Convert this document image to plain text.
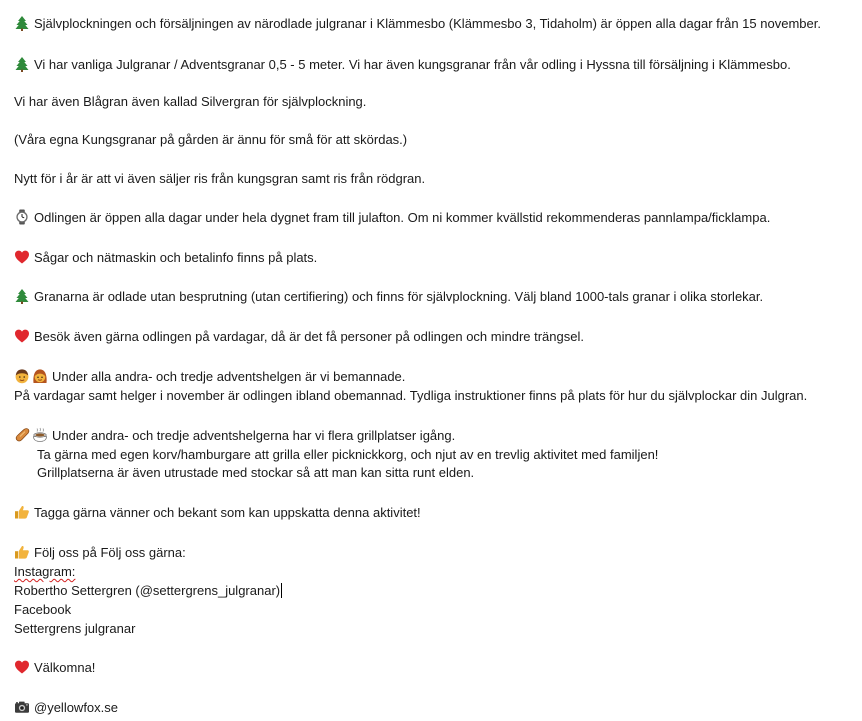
Självplockningen och försäljningen av närodlade julgranar i Klämmesbo (Klämmesbo 3, Tidaholm) är öppen alla dagar från 15 november.
Vi har vanliga Julgranar / Adventsgranar 0,5 - 5 meter. Vi har även kungsgranar från vår odling i Hyssna till försäljning i Klämmesbo.
Vi har även Blågran även kallad Silvergran för självplockning.
(Våra egna Kungsgranar på gården är ännu för små för att skördas.)
Nytt för i år är att vi även säljer ris från kungsgran samt ris från rödgran.
Odlingen är öppen alla dagar under hela dygnet fram till julafton. Om ni kommer kvällstid rekommenderas pannlampa/ficklampa.
Sågar och nätmaskin och betalinfo finns på plats.
Granarna är odlade utan besprutning (utan certifiering) och finns för självplockning. Välj bland 1000-tals granar i olika storlekar.
Besök även gärna odlingen på vardagar, då är det få personer på odlingen och mindre trängsel.
Under alla andra- och tredje adventshelgen är vi bemannade.
På vardagar samt helger i november är odlingen ibland obemannad. Tydliga instruktioner finns på plats för hur du självplockar din Julgran.
Under andra- och tredje adventshelgerna har vi flera grillplatser igång.
Ta gärna med egen korv/hamburgare att grilla eller picknickkorg, och njut av en trevlig aktivitet med familjen!
Grillplatserna är även utrustade med stockar så att man kan sitta runt elden.
Tagga gärna vänner och bekant som kan uppskatta denna aktivitet!
Följ oss på Följ oss gärna:
Instagram:
Robertho Settergren (@settergrens_julgranar)
Facebook
Settergrens julgranar
Välkomna!
@yellowfox.se
